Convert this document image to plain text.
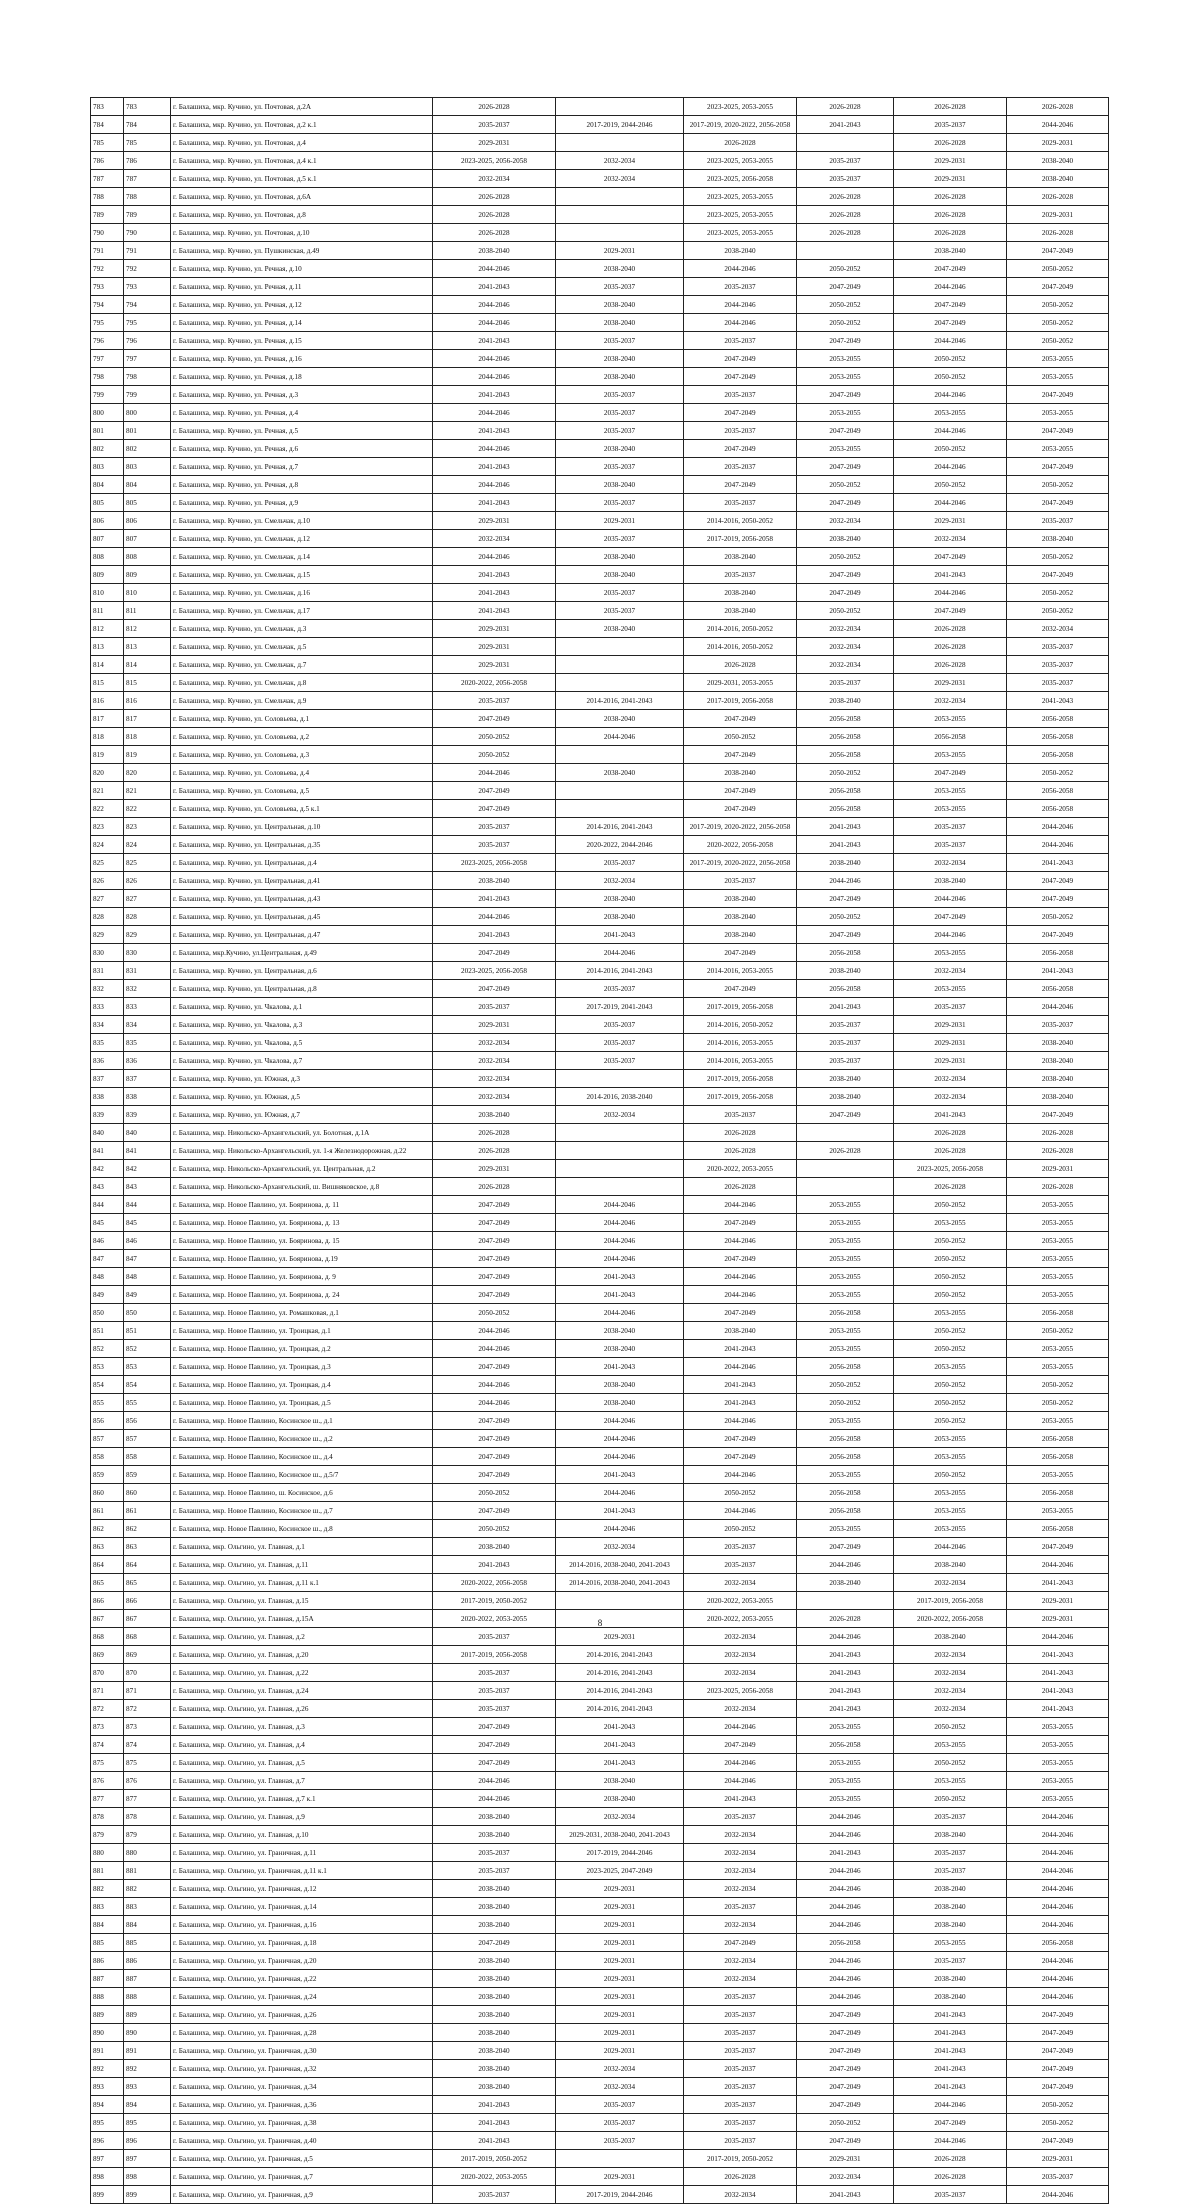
783	783	г. Балашиха, мкр. Кучино, ул. Почтовая, д.2А	2026-2028		2023-2025, 2053-2055	2026-2028	2026-2028	2026-2028
784	784	г. Балашиха, мкр. Кучино, ул. Почтовая, д.2 к.1	2035-2037	2017-2019, 2044-2046	2017-2019, 2020-2022, 2056-2058	2041-2043	2035-2037	2044-2046
785	785	г. Балашиха, мкр. Кучино, ул. Почтовая, д.4	2029-2031		2026-2028		2026-2028	2029-2031
786	786	г. Балашиха, мкр. Кучино, ул. Почтовая, д.4 к.1	2023-2025, 2056-2058	2032-2034	2023-2025, 2053-2055	2035-2037	2029-2031	2038-2040
787	787	г. Балашиха, мкр. Кучино, ул. Почтовая, д.5 к.1	2032-2034	2032-2034	2023-2025, 2056-2058	2035-2037	2029-2031	2038-2040
788	788	г. Балашиха, мкр. Кучино, ул. Почтовая, д.6А	2026-2028		2023-2025, 2053-2055	2026-2028	2026-2028	2026-2028
789	789	г. Балашиха, мкр. Кучино, ул. Почтовая, д.8	2026-2028		2023-2025, 2053-2055	2026-2028	2026-2028	2029-2031
790	790	г. Балашиха, мкр. Кучино, ул. Почтовая, д.10	2026-2028		2023-2025, 2053-2055	2026-2028	2026-2028	2026-2028
791	791	г. Балашиха, мкр. Кучино, ул. Пушкинская, д.49	2038-2040	2029-2031	2038-2040		2038-2040	2047-2049
792	792	г. Балашиха, мкр. Кучино, ул. Речная, д.10	2044-2046	2038-2040	2044-2046	2050-2052	2047-2049	2050-2052
793	793	г. Балашиха, мкр. Кучино, ул. Речная, д.11	2041-2043	2035-2037	2035-2037	2047-2049	2044-2046	2047-2049
794	794	г. Балашиха, мкр. Кучино, ул. Речная, д.12	2044-2046	2038-2040	2044-2046	2050-2052	2047-2049	2050-2052
795	795	г. Балашиха, мкр. Кучино, ул. Речная, д.14	2044-2046	2038-2040	2044-2046	2050-2052	2047-2049	2050-2052
796	796	г. Балашиха, мкр. Кучино, ул. Речная, д.15	2041-2043	2035-2037	2035-2037	2047-2049	2044-2046	2050-2052
797	797	г. Балашиха, мкр. Кучино, ул. Речная, д.16	2044-2046	2038-2040	2047-2049	2053-2055	2050-2052	2053-2055
798	798	г. Балашиха, мкр. Кучино, ул. Речная, д.18	2044-2046	2038-2040	2047-2049	2053-2055	2050-2052	2053-2055
799	799	г. Балашиха, мкр. Кучино, ул. Речная, д.3	2041-2043	2035-2037	2035-2037	2047-2049	2044-2046	2047-2049
800	800	г. Балашиха, мкр. Кучино, ул. Речная, д.4	2044-2046	2035-2037	2047-2049	2053-2055	2053-2055	2053-2055
801	801	г. Балашиха, мкр. Кучино, ул. Речная, д.5	2041-2043	2035-2037	2035-2037	2047-2049	2044-2046	2047-2049
802	802	г. Балашиха, мкр. Кучино, ул. Речная, д.6	2044-2046	2038-2040	2047-2049	2053-2055	2050-2052	2053-2055
803	803	г. Балашиха, мкр. Кучино, ул. Речная, д.7	2041-2043	2035-2037	2035-2037	2047-2049	2044-2046	2047-2049
804	804	г. Балашиха, мкр. Кучино, ул. Речная, д.8	2044-2046	2038-2040	2047-2049	2050-2052	2050-2052	2050-2052
805	805	г. Балашиха, мкр. Кучино, ул. Речная, д.9	2041-2043	2035-2037	2035-2037	2047-2049	2044-2046	2047-2049
806	806	г. Балашиха, мкр. Кучино, ул. Смельчак, д.10	2029-2031	2029-2031	2014-2016, 2050-2052	2032-2034	2029-2031	2035-2037
807	807	г. Балашиха, мкр. Кучино, ул. Смельчак, д.12	2032-2034	2035-2037	2017-2019, 2056-2058	2038-2040	2032-2034	2038-2040
808	808	г. Балашиха, мкр. Кучино, ул. Смельчак, д.14	2044-2046	2038-2040	2038-2040	2050-2052	2047-2049	2050-2052
809	809	г. Балашиха, мкр. Кучино, ул. Смельчак, д.15	2041-2043	2038-2040	2035-2037	2047-2049	2041-2043	2047-2049
810	810	г. Балашиха, мкр. Кучино, ул. Смельчак, д.16	2041-2043	2035-2037	2038-2040	2047-2049	2044-2046	2050-2052
811	811	г. Балашиха, мкр. Кучино, ул. Смельчак, д.17	2041-2043	2035-2037	2038-2040	2050-2052	2047-2049	2050-2052
812	812	г. Балашиха, мкр. Кучино, ул. Смельчак, д.3	2029-2031	2038-2040	2014-2016, 2050-2052	2032-2034	2026-2028	2032-2034
813	813	г. Балашиха, мкр. Кучино, ул. Смельчак, д.5	2029-2031		2014-2016, 2050-2052	2032-2034	2026-2028	2035-2037
814	814	г. Балашиха, мкр. Кучино, ул. Смельчак, д.7	2029-2031		2026-2028	2032-2034	2026-2028	2035-2037
815	815	г. Балашиха, мкр. Кучино, ул. Смельчак, д.8	2020-2022, 2056-2058		2029-2031, 2053-2055	2035-2037	2029-2031	2035-2037
816	816	г. Балашиха, мкр. Кучино, ул. Смельчак, д.9	2035-2037	2014-2016, 2041-2043	2017-2019, 2056-2058	2038-2040	2032-2034	2041-2043
817	817	г. Балашиха, мкр. Кучино, ул. Соловьева, д.1	2047-2049	2038-2040	2047-2049	2056-2058	2053-2055	2056-2058
818	818	г. Балашиха, мкр. Кучино, ул. Соловьева, д.2	2050-2052	2044-2046	2050-2052	2056-2058	2056-2058	2056-2058
819	819	г. Балашиха, мкр. Кучино, ул. Соловьева, д.3	2050-2052		2047-2049	2056-2058	2053-2055	2056-2058
820	820	г. Балашиха, мкр. Кучино, ул. Соловьева, д.4	2044-2046	2038-2040	2038-2040	2050-2052	2047-2049	2050-2052
821	821	г. Балашиха, мкр. Кучино, ул. Соловьева, д.5	2047-2049		2047-2049	2056-2058	2053-2055	2056-2058
822	822	г. Балашиха, мкр. Кучино, ул. Соловьева, д.5 к.1	2047-2049		2047-2049	2056-2058	2053-2055	2056-2058
823	823	г. Балашиха, мкр. Кучино, ул. Центральная, д.10	2035-2037	2014-2016, 2041-2043	2017-2019, 2020-2022, 2056-2058	2041-2043	2035-2037	2044-2046
824	824	г. Балашиха, мкр. Кучино, ул. Центральная, д.35	2035-2037	2020-2022, 2044-2046	2020-2022, 2056-2058	2041-2043	2035-2037	2044-2046
825	825	г. Балашиха, мкр. Кучино, ул. Центральная, д.4	2023-2025, 2056-2058	2035-2037	2017-2019, 2020-2022, 2056-2058	2038-2040	2032-2034	2041-2043
826	826	г. Балашиха, мкр. Кучино, ул. Центральная, д.41	2038-2040	2032-2034	2035-2037	2044-2046	2038-2040	2047-2049
827	827	г. Балашиха, мкр. Кучино, ул. Центральная, д.43	2041-2043	2038-2040	2038-2040	2047-2049	2044-2046	2047-2049
828	828	г. Балашиха, мкр. Кучино, ул. Центральная, д.45	2044-2046	2038-2040	2038-2040	2050-2052	2047-2049	2050-2052
829	829	г. Балашиха, мкр. Кучино, ул. Центральная, д.47	2041-2043	2041-2043	2038-2040	2047-2049	2044-2046	2047-2049
830	830	г. Балашиха, мкр.Кучино, ул.Центральная, д.49	2047-2049	2044-2046	2047-2049	2056-2058	2053-2055	2056-2058
831	831	г. Балашиха, мкр. Кучино, ул. Центральная, д.6	2023-2025, 2056-2058	2014-2016, 2041-2043	2014-2016, 2053-2055	2038-2040	2032-2034	2041-2043
832	832	г. Балашиха, мкр. Кучино, ул. Центральная, д.8	2047-2049	2035-2037	2047-2049	2056-2058	2053-2055	2056-2058
833	833	г. Балашиха, мкр. Кучино, ул. Чкалова, д.1	2035-2037	2017-2019, 2041-2043	2017-2019, 2056-2058	2041-2043	2035-2037	2044-2046
834	834	г. Балашиха, мкр. Кучино, ул. Чкалова, д.3	2029-2031	2035-2037	2014-2016, 2050-2052	2035-2037	2029-2031	2035-2037
835	835	г. Балашиха, мкр. Кучино, ул. Чкалова, д.5	2032-2034	2035-2037	2014-2016, 2053-2055	2035-2037	2029-2031	2038-2040
836	836	г. Балашиха, мкр. Кучино, ул. Чкалова, д.7	2032-2034	2035-2037	2014-2016, 2053-2055	2035-2037	2029-2031	2038-2040
837	837	г. Балашиха, мкр. Кучино, ул. Южная, д.3	2032-2034		2017-2019, 2056-2058	2038-2040	2032-2034	2038-2040
838	838	г. Балашиха, мкр. Кучино, ул. Южная, д.5	2032-2034	2014-2016, 2038-2040	2017-2019, 2056-2058	2038-2040	2032-2034	2038-2040
839	839	г. Балашиха, мкр. Кучино, ул. Южная, д.7	2038-2040	2032-2034	2035-2037	2047-2049	2041-2043	2047-2049
840	840	г. Балашиха, мкр. Никольско-Архангельский, ул. Болотная, д.1А	2026-2028		2026-2028		2026-2028	2026-2028
841	841	г. Балашиха, мкр. Никольско-Архангельский, ул. 1-я Железнодорожная, д.22	2026-2028		2026-2028	2026-2028	2026-2028	2026-2028
842	842	г. Балашиха, мкр. Никольско-Архангельский, ул. Центральная, д.2	2029-2031		2020-2022, 2053-2055		2023-2025, 2056-2058	2029-2031
843	843	г. Балашиха, мкр. Никольско-Архангельский, ш. Вишняковское, д.8	2026-2028		2026-2028		2026-2028	2026-2028
844	844	г. Балашиха, мкр. Новое Павлино, ул. Бояринова, д. 11	2047-2049	2044-2046	2044-2046	2053-2055	2050-2052	2053-2055
845	845	г. Балашиха, мкр. Новое Павлино, ул. Бояринова, д. 13	2047-2049	2044-2046	2047-2049	2053-2055	2053-2055	2053-2055
846	846	г. Балашиха, мкр. Новое Павлино, ул. Бояринова, д. 15	2047-2049	2044-2046	2044-2046	2053-2055	2050-2052	2053-2055
847	847	г. Балашиха, мкр. Новое Павлино, ул. Бояринова, д.19	2047-2049	2044-2046	2047-2049	2053-2055	2050-2052	2053-2055
848	848	г. Балашиха, мкр. Новое Павлино, ул. Бояринова, д. 9	2047-2049	2041-2043	2044-2046	2053-2055	2050-2052	2053-2055
849	849	г. Балашиха, мкр. Новое Павлино, ул. Бояринова, д. 24	2047-2049	2041-2043	2044-2046	2053-2055	2050-2052	2053-2055
850	850	г. Балашиха, мкр. Новое Павлино, ул. Ромашковая, д.1	2050-2052	2044-2046	2047-2049	2056-2058	2053-2055	2056-2058
851	851	г. Балашиха, мкр. Новое Павлино, ул. Троицкая, д.1	2044-2046	2038-2040	2038-2040	2053-2055	2050-2052	2050-2052
852	852	г. Балашиха, мкр. Новое Павлино, ул. Троицкая, д.2	2044-2046	2038-2040	2041-2043	2053-2055	2050-2052	2053-2055
853	853	г. Балашиха, мкр. Новое Павлино, ул. Троицкая, д.3	2047-2049	2041-2043	2044-2046	2056-2058	2053-2055	2053-2055
854	854	г. Балашиха, мкр. Новое Павлино, ул. Троицкая, д.4	2044-2046	2038-2040	2041-2043	2050-2052	2050-2052	2050-2052
855	855	г. Балашиха, мкр. Новое Павлино, ул. Троицкая, д.5	2044-2046	2038-2040	2041-2043	2050-2052	2050-2052	2050-2052
856	856	г. Балашиха, мкр. Новое Павлино, Косинское ш., д.1	2047-2049	2044-2046	2044-2046	2053-2055	2050-2052	2053-2055
857	857	г. Балашиха, мкр. Новое Павлино, Косинское ш., д.2	2047-2049	2044-2046	2047-2049	2056-2058	2053-2055	2056-2058
858	858	г. Балашиха, мкр. Новое Павлино, Косинское ш., д.4	2047-2049	2044-2046	2047-2049	2056-2058	2053-2055	2056-2058
859	859	г. Балашиха, мкр. Новое Павлино, Косинское ш., д.5/7	2047-2049	2041-2043	2044-2046	2053-2055	2050-2052	2053-2055
860	860	г. Балашиха, мкр. Новое Павлино, ш. Косинское, д.6	2050-2052	2044-2046	2050-2052	2056-2058	2053-2055	2056-2058
861	861	г. Балашиха, мкр. Новое Павлино, Косинское ш., д.7	2047-2049	2041-2043	2044-2046	2056-2058	2053-2055	2053-2055
862	862	г. Балашиха, мкр. Новое Павлино, Косинское ш., д.8	2050-2052	2044-2046	2050-2052	2053-2055	2053-2055	2056-2058
863	863	г. Балашиха, мкр. Ольгино, ул. Главная, д.1	2038-2040	2032-2034	2035-2037	2047-2049	2044-2046	2047-2049
864	864	г. Балашиха, мкр. Ольгино, ул. Главная, д.11	2041-2043	2014-2016, 2038-2040, 2041-2043	2035-2037	2044-2046	2038-2040	2044-2046
865	865	г. Балашиха, мкр. Ольгино, ул. Главная, д.11 к.1	2020-2022, 2056-2058	2014-2016, 2038-2040, 2041-2043	2032-2034	2038-2040	2032-2034	2041-2043
866	866	г. Балашиха, мкр. Ольгино, ул. Главная, д.15	2017-2019, 2050-2052		2020-2022, 2053-2055		2017-2019, 2056-2058	2029-2031
867	867	г. Балашиха, мкр. Ольгино, ул. Главная, д.15А	2020-2022, 2053-2055		2020-2022, 2053-2055	2026-2028	2020-2022, 2056-2058	2029-2031
868	868	г. Балашиха, мкр. Ольгино, ул. Главная, д.2	2035-2037	2029-2031	2032-2034	2044-2046	2038-2040	2044-2046
869	869	г. Балашиха, мкр. Ольгино, ул. Главная, д.20	2017-2019, 2056-2058	2014-2016, 2041-2043	2032-2034	2041-2043	2032-2034	2041-2043
870	870	г. Балашиха, мкр. Ольгино, ул. Главная, д.22	2035-2037	2014-2016, 2041-2043	2032-2034	2041-2043	2032-2034	2041-2043
871	871	г. Балашиха, мкр. Ольгино, ул. Главная, д.24	2035-2037	2014-2016, 2041-2043	2023-2025, 2056-2058	2041-2043	2032-2034	2041-2043
872	872	г. Балашиха, мкр. Ольгино, ул. Главная, д.26	2035-2037	2014-2016, 2041-2043	2032-2034	2041-2043	2032-2034	2041-2043
873	873	г. Балашиха, мкр. Ольгино, ул. Главная, д.3	2047-2049	2041-2043	2044-2046	2053-2055	2050-2052	2053-2055
874	874	г. Балашиха, мкр. Ольгино, ул. Главная, д.4	2047-2049	2041-2043	2047-2049	2056-2058	2053-2055	2053-2055
875	875	г. Балашиха, мкр. Ольгино, ул. Главная, д.5	2047-2049	2041-2043	2044-2046	2053-2055	2050-2052	2053-2055
876	876	г. Балашиха, мкр. Ольгино, ул. Главная, д.7	2044-2046	2038-2040	2044-2046	2053-2055	2053-2055	2053-2055
877	877	г. Балашиха, мкр. Ольгино, ул. Главная, д.7 к.1	2044-2046	2038-2040	2041-2043	2053-2055	2050-2052	2053-2055
878	878	г. Балашиха, мкр. Ольгино, ул. Главная, д.9	2038-2040	2032-2034	2035-2037	2044-2046	2035-2037	2044-2046
879	879	г. Балашиха, мкр. Ольгино, ул. Главная, д.10	2038-2040	2029-2031, 2038-2040, 2041-2043	2032-2034	2044-2046	2038-2040	2044-2046
880	880	г. Балашиха, мкр. Ольгино, ул. Граничная, д.11	2035-2037	2017-2019, 2044-2046	2032-2034	2041-2043	2035-2037	2044-2046
881	881	г. Балашиха, мкр. Ольгино, ул. Граничная, д.11 к.1	2035-2037	2023-2025, 2047-2049	2032-2034	2044-2046	2035-2037	2044-2046
882	882	г. Балашиха, мкр. Ольгино, ул. Граничная, д.12	2038-2040	2029-2031	2032-2034	2044-2046	2038-2040	2044-2046
883	883	г. Балашиха, мкр. Ольгино, ул. Граничная, д.14	2038-2040	2029-2031	2035-2037	2044-2046	2038-2040	2044-2046
884	884	г. Балашиха, мкр. Ольгино, ул. Граничная, д.16	2038-2040	2029-2031	2032-2034	2044-2046	2038-2040	2044-2046
885	885	г. Балашиха, мкр. Ольгино, ул. Граничная, д.18	2047-2049	2029-2031	2047-2049	2056-2058	2053-2055	2056-2058
886	886	г. Балашиха, мкр. Ольгино, ул. Граничная, д.20	2038-2040	2029-2031	2032-2034	2044-2046	2035-2037	2044-2046
887	887	г. Балашиха, мкр. Ольгино, ул. Граничная, д.22	2038-2040	2029-2031	2032-2034	2044-2046	2038-2040	2044-2046
888	888	г. Балашиха, мкр. Ольгино, ул. Граничная, д.24	2038-2040	2029-2031	2035-2037	2044-2046	2038-2040	2044-2046
889	889	г. Балашиха, мкр. Ольгино, ул. Граничная, д.26	2038-2040	2029-2031	2035-2037	2047-2049	2041-2043	2047-2049
890	890	г. Балашиха, мкр. Ольгино, ул. Граничная, д.28	2038-2040	2029-2031	2035-2037	2047-2049	2041-2043	2047-2049
891	891	г. Балашиха, мкр. Ольгино, ул. Граничная, д.30	2038-2040	2029-2031	2035-2037	2047-2049	2041-2043	2047-2049
892	892	г. Балашиха, мкр. Ольгино, ул. Граничная, д.32	2038-2040	2032-2034	2035-2037	2047-2049	2041-2043	2047-2049
893	893	г. Балашиха, мкр. Ольгино, ул. Граничная, д.34	2038-2040	2032-2034	2035-2037	2047-2049	2041-2043	2047-2049
894	894	г. Балашиха, мкр. Ольгино, ул. Граничная, д.36	2041-2043	2035-2037	2035-2037	2047-2049	2044-2046	2050-2052
895	895	г. Балашиха, мкр. Ольгино, ул. Граничная, д.38	2041-2043	2035-2037	2035-2037	2050-2052	2047-2049	2050-2052
896	896	г. Балашиха, мкр. Ольгино, ул. Граничная, д.40	2041-2043	2035-2037	2035-2037	2047-2049	2044-2046	2047-2049
897	897	г. Балашиха, мкр. Ольгино, ул. Граничная, д.5	2017-2019, 2050-2052		2017-2019, 2050-2052	2029-2031	2026-2028	2029-2031
898	898	г. Балашиха, мкр. Ольгино, ул. Граничная, д.7	2020-2022, 2053-2055	2029-2031	2026-2028	2032-2034	2026-2028	2035-2037
899	899	г. Балашиха, мкр. Ольгино, ул. Граничная, д.9	2035-2037	2017-2019, 2044-2046	2032-2034	2041-2043	2035-2037	2044-2046
8
